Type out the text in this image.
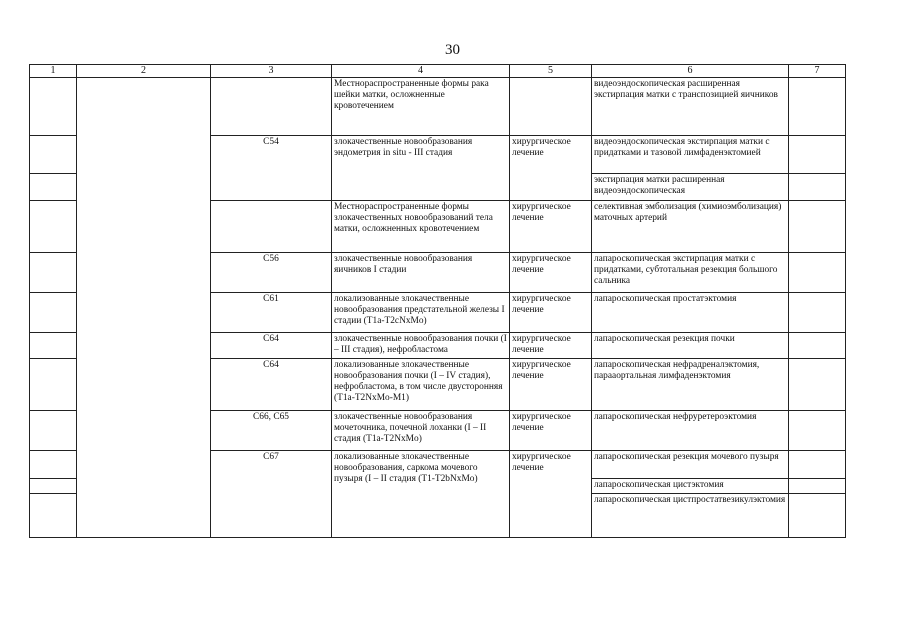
30
1	2	3	4	5	6	7
			Местнораспространенные формы рака шейки матки, осложненные кровотечением		видеоэндоскопическая расширенная экстирпация матки с транспозицией яичников	
		C54	злокачественные новообразования эндометрия in situ - III стадия	хирургическое лечение	видеоэндоскопическая экстирпация матки с придатками и тазовой лимфаденэктомией	
					экстирпация матки расширенная видеоэндоскопическая	
			Местнораспространенные формы злокачественных новообразований тела матки, осложненных кровотечением	хирургическое лечение	селективная эмболизация (химиоэмболизация) маточных артерий	
		C56	злокачественные новообразования яичников I стадии	хирургическое лечение	лапароскопическая экстирпация матки с придатками, субтотальная резекция большого сальника	
		C61	локализованные злокачественные новообразования предстательной железы I стадии (T1a-T2cNxMo)	хирургическое лечение	лапароскопическая простатэктомия	
		C64	злокачественные новообразования почки (I – III стадия), нефробластома	хирургическое лечение	лапароскопическая резекция почки	
		C64	локализованные злокачественные новообразования почки (I – IV стадия), нефробластома, в том числе двусторонняя (T1a-T2NxMo-M1)	хирургическое лечение	лапароскопическая нефрадреналэктомия, парааортальная лимфаденэктомия	
		C66, C65	злокачественные новообразования мочеточника, почечной лоханки (I – II стадия (T1a-T2NxMo)	хирургическое лечение	лапароскопическая нефруретероэктомия	
		C67	локализованные злокачественные новообразования, саркома мочевого пузыря (I – II стадия (T1-T2bNxMo)	хирургическое лечение	лапароскопическая резекция мочевого пузыря	
					лапароскопическая цистэктомия	
					лапароскопическая цистпростатвезикулэктомия	
